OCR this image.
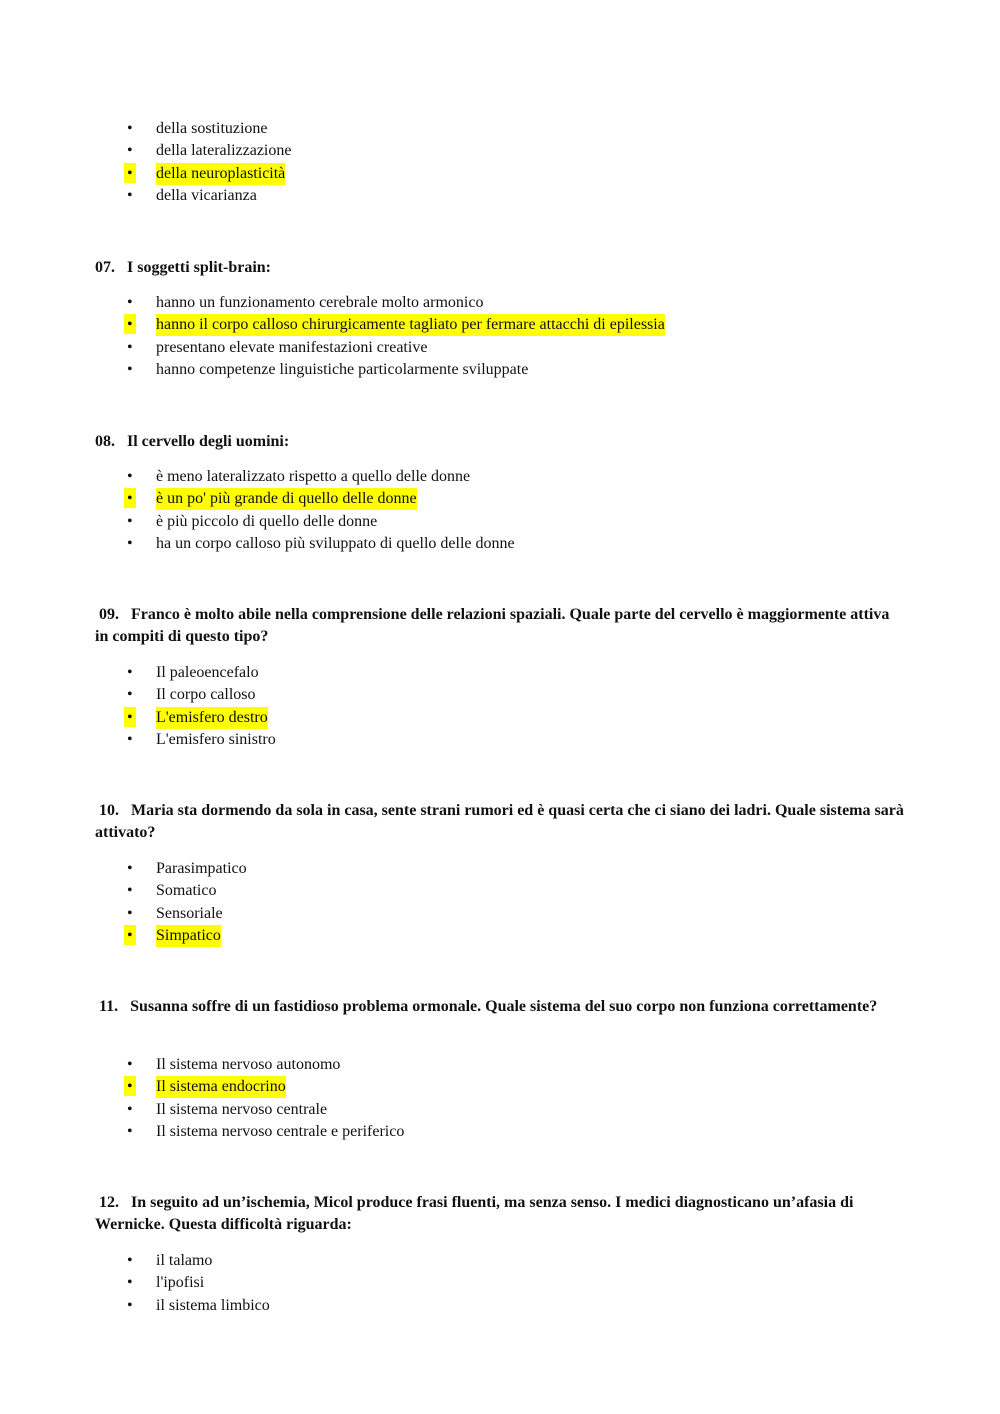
• della sostituzione
• della lateralizzazione
• della neuroplasticità
• della vicarianza
07. I soggetti split-brain:
• hanno un funzionamento cerebrale molto armonico
• hanno il corpo calloso chirurgicamente tagliato per fermare attacchi di epilessia
• presentano elevate manifestazioni creative
• hanno competenze linguistiche particolarmente sviluppate
08. Il cervello degli uomini:
• è meno lateralizzato rispetto a quello delle donne
• è un po' più grande di quello delle donne
• è più piccolo di quello delle donne
• ha un corpo calloso più sviluppato di quello delle donne
09. Franco è molto abile nella comprensione delle relazioni spaziali. Quale parte del cervello è maggiormente attiva in compiti di questo tipo?
• Il paleoencefalo
• Il corpo calloso
• L'emisfero destro
• L'emisfero sinistro
10. Maria sta dormendo da sola in casa, sente strani rumori ed è quasi certa che ci siano dei ladri. Quale sistema sarà attivato?
• Parasimpatico
• Somatico
• Sensoriale
• Simpatico
11. Susanna soffre di un fastidioso problema ormonale. Quale sistema del suo corpo non funziona correttamente?
• Il sistema nervoso autonomo
• Il sistema endocrino
• Il sistema nervoso centrale
• Il sistema nervoso centrale e periferico
12. In seguito ad un’ischemia, Micol produce frasi fluenti, ma senza senso. I medici diagnosticano un’afasia di Wernicke. Questa difficoltà riguarda:
• il talamo
• l'ipofisi
• il sistema limbico
